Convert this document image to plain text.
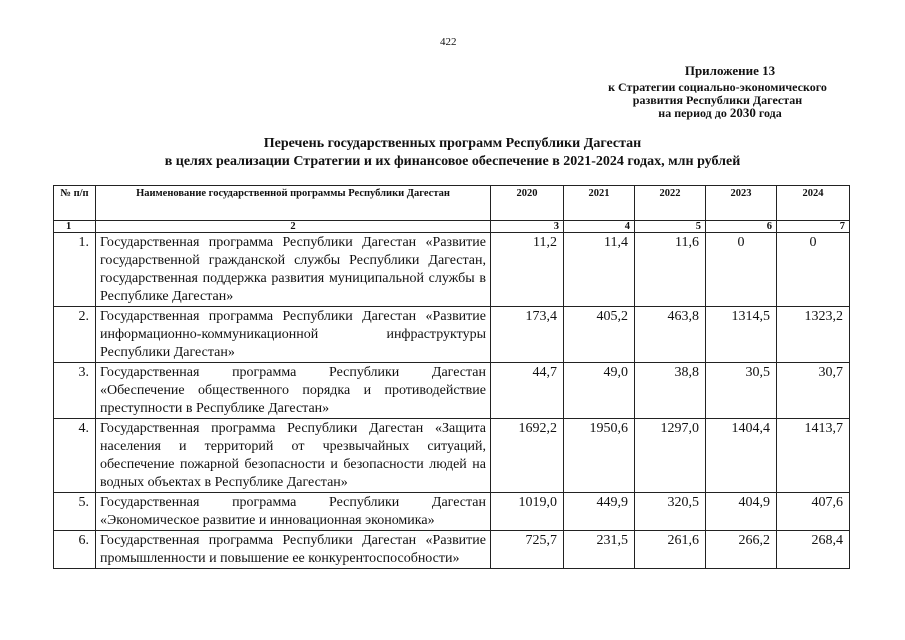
422
Приложение 13
к Стратегии социально-экономического
развития Республики Дагестан
на период до 2030 года
Перечень государственных программ Республики Дагестан
в целях реализации Стратегии и их финансовое обеспечение в 2021-2024 годах, млн рублей
№ п/п	Наименование государственной программы Республики Дагестан	2020	2021	2022	2023	2024
1	2	3	4	5	6	7
1.	Государственная программа Республики Дагестан «Развитие государственной гражданской службы Республики Дагестан, государственная поддержка развития муниципальной службы в Республике Дагестан»	11,2	11,4	11,6	0	0
2.	Государственная программа Республики Дагестан «Развитие информационно-коммуникационной инфраструктуры Республики Дагестан»	173,4	405,2	463,8	1314,5	1323,2
3.	Государственная программа Республики Дагестан «Обеспечение общественного порядка и противодействие преступности в Республике Дагестан»	44,7	49,0	38,8	30,5	30,7
4.	Государственная программа Республики Дагестан «Защита населения и территорий от чрезвычайных ситуаций, обеспечение пожарной безопасности и безопасности людей на водных объектах в Республике Дагестан»	1692,2	1950,6	1297,0	1404,4	1413,7
5.	Государственная программа Республики Дагестан «Экономическое развитие и инновационная экономика»	1019,0	449,9	320,5	404,9	407,6
6.	Государственная программа Республики Дагестан «Развитие промышленности и повышение ее конкурентоспособности»	725,7	231,5	261,6	266,2	268,4
